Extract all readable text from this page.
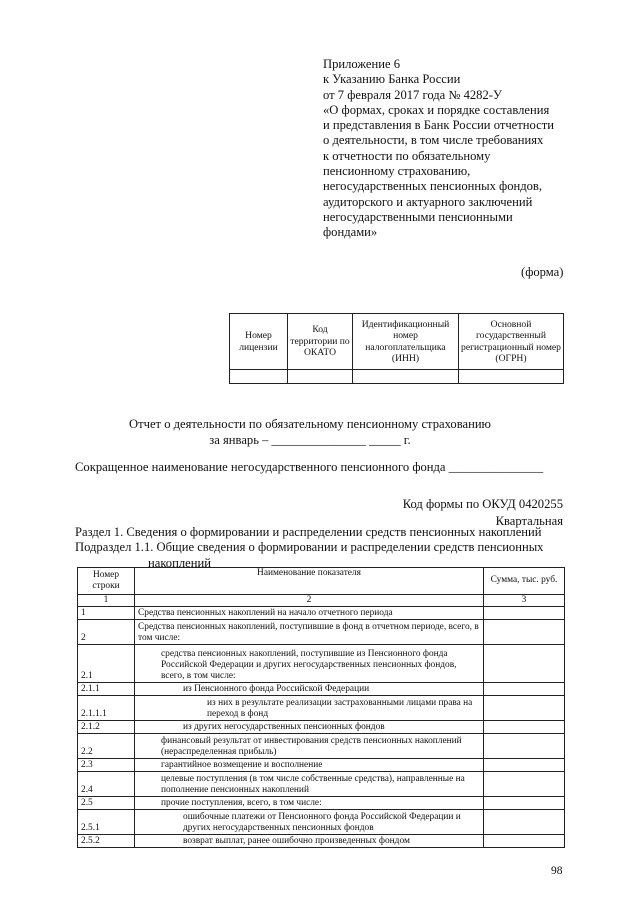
Приложение 6
к Указанию Банка России
от 7 февраля 2017 года № 4282-У
«О формах, сроках и порядке составления
и представления в Банк России отчетности
о деятельности, в том числе требованиях
к отчетности по обязательному
пенсионному страхованию,
негосударственных пенсионных фондов,
аудиторского и актуарного заключений
негосударственными пенсионными
фондами»
(форма)
Номер лицензии	Код территории по ОКАТО	Идентификационный номер налогоплательщика (ИНН)	Основной государственный регистрационный номер (ОГРН)

Отчет о деятельности по обязательному пенсионному страхованию
за январь – _______________ _____ г.
Сокращенное наименование негосударственного пенсионного фонда _______________
Код формы по ОКУД 0420255
Квартальная
Раздел 1. Сведения о формировании и распределении средств пенсионных накоплений
Подраздел 1.1. Общие сведения о формировании и распределении средств пенсионных
накоплений
Номер строки	Наименование показателя	Сумма, тыс. руб.
1	2	3
1	Средства пенсионных накоплений на начало отчетного периода	
2	Средства пенсионных накоплений, поступившие в фонд в отчетном периоде, всего, в том числе:	
2.1	средства пенсионных накоплений, поступившие из Пенсионного фонда Российской Федерации и других негосударственных пенсионных фондов, всего, в том числе:	
2.1.1	из Пенсионного фонда Российской Федерации	
2.1.1.1	из них в результате реализации застрахованными лицами права на переход в фонд	
2.1.2	из других негосударственных пенсионных фондов	
2.2	финансовый результат от инвестирования средств пенсионных накоплений (нераспределенная прибыль)	
2.3	гарантийное возмещение и восполнение	
2.4	целевые поступления (в том числе собственные средства), направленные на пополнение пенсионных накоплений	
2.5	прочие поступления, всего, в том числе:	
2.5.1	ошибочные платежи от Пенсионного фонда Российской Федерации и других негосударственных пенсионных фондов	
2.5.2	возврат выплат, ранее ошибочно произведенных фондом	
98
